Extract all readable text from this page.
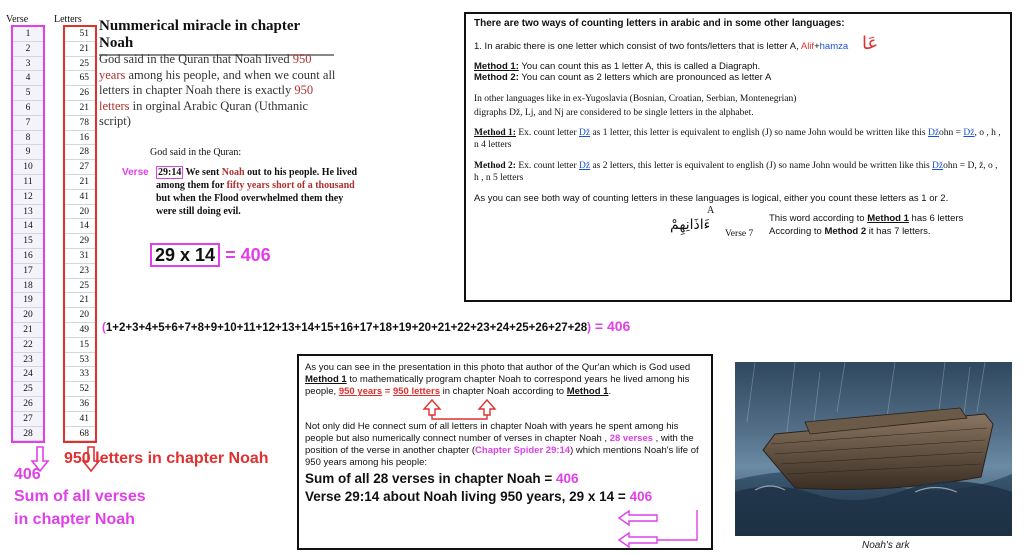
Verse	Letters
1
2
3
4
5
6
7
8
9
10
11
12
13
14
15
16
17
18
19
20
21
22
23
24
25
26
27
28
51
21
25
65
26
21
78
16
28
27
21
41
20
14
29
31
23
25
21
20
49
15
53
33
52
36
41
68
406
Sum of all verses
in chapter Noah
950 letters in chapter Noah
Nummerical miracle in chapter Noah
God said in the Quran that Noah lived 950 years among his people, and when we count all letters in chapter Noah there is exactly 950 letters in orginal Arabic Quran (Uthmanic script)
God said in the Quran:
Verse 29:14 We sent Noah out to his people. He lived among them for fifty years short of a thousand but when the Flood overwhelmed them they were still doing evil.
29 x 14 = 406
(1+2+3+4+5+6+7+8+9+10+11+12+13+14+15+16+17+18+19+20+21+22+23+24+25+26+27+28) = 406
There are two ways of counting letters in arabic and in some other languages:
1. In arabic there is one letter which consist of two fonts/letters that is letter A, Alif+hamza عَا
Method 1: You can count this as 1 letter A, this is called a Diagraph.
Method 2: You can count as 2 letters which are pronounced as letter A
In other languages like in ex-Yugoslavia (Bosnian, Croatian, Serbian, Montenegrian)
digraphs Dž, Lj, and Nj are considered to be single letters in the alphabet.
Method 1: Ex. count letter Dž as 1 letter, this letter is equivalent to english (J) so name John would be written like this Džohn = Dž, o , h , n 4 letters
Method 2: Ex. count letter Dž as 2 letters, this letter is equivalent to english (J) so name John would be written like this Džohn = D, ž, o , h , n 5 letters
As you can see both way of counting letters in these languages is logical, either you count these letters as 1 or 2.
A
ءَاذَانِهِمْ
Verse 7
This word according to Method 1 has 6 letters
According to Method 2 it has 7 letters.
As you can see in the presentation in this photo that author of the Qur'an which is God used Method 1 to mathematically program chapter Noah to correspond years he lived among his people, 950 years = 950 letters in chapter Noah according to Method 1.
Not only did He connect sum of all letters in chapter Noah with years he spent among his people but also numerically connect number of verses in chapter Noah , 28 verses , with the position of the verse in another chapter (Chapter Spider 29:14) which mentions Noah's life of 950 years among his people:
Sum of all 28 verses in chapter Noah = 406
Verse 29:14 about Noah living 950 years, 29 x 14 = 406
Noah's ark
